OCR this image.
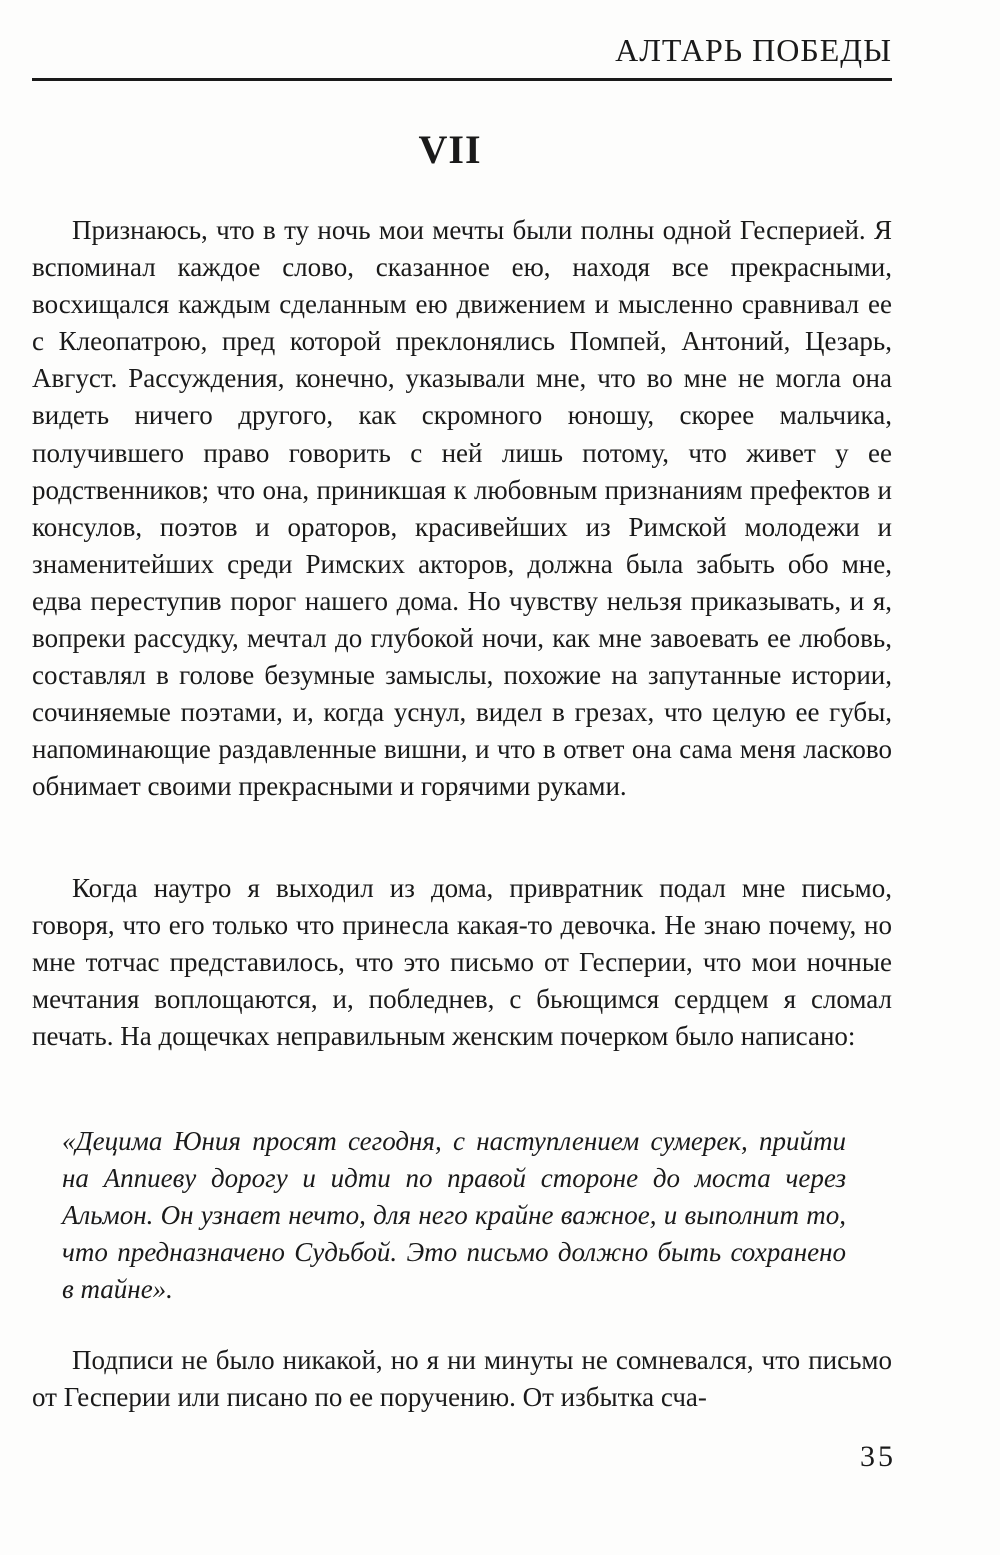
АЛТАРЬ ПОБЕДЫ
VII

Признаюсь, что в ту ночь мои мечты были полны одной Гесперией. Я вспоминал каждое слово, сказанное ею, находя все прекрасными, восхищался каждым сделанным ею движением и мысленно сравнивал ее с Клеопатрою, пред которой преклонялись Помпей, Антоний, Цезарь, Август. Рассуждения, конечно, указывали мне, что во мне не могла она видеть ничего другого, как скромного юношу, скорее мальчика, получившего право говорить с ней лишь потому, что живет у ее родственников; что она, приникшая к любовным признаниям префектов и консулов, поэтов и ораторов, красивейших из Римской молодежи и знаменитейших среди Римских акторов, должна была забыть обо мне, едва переступив порог нашего дома. Но чувству нельзя приказывать, и я, вопреки рассудку, мечтал до глубокой ночи, как мне завоевать ее любовь, составлял в голове безумные замыслы, похожие на запутанные истории, сочиняемые поэтами, и, когда уснул, видел в грезах, что целую ее губы, напоминающие раздавленные вишни, и что в ответ она сама меня ласково обнимает своими прекрасными и горячими руками.

Когда наутро я выходил из дома, привратник подал мне письмо, говоря, что его только что принесла какая-то девочка. Не знаю почему, но мне тотчас представилось, что это письмо от Гесперии, что мои ночные мечтания воплощаются, и, побледнев, с бьющимся сердцем я сломал печать. На дощечках неправильным женским почерком было написано:

«Децима Юния просят сегодня, с наступлением сумерек, прийти на Аппиеву дорогу и идти по правой стороне до моста через Альмон. Он узнает нечто, для него крайне важное, и выполнит то, что предназначено Судьбой. Это письмо должно быть сохранено в тайне».

Подписи не было никакой, но я ни минуты не сомневался, что письмо от Гесперии или писано по ее поручению. От избытка сча-

35
